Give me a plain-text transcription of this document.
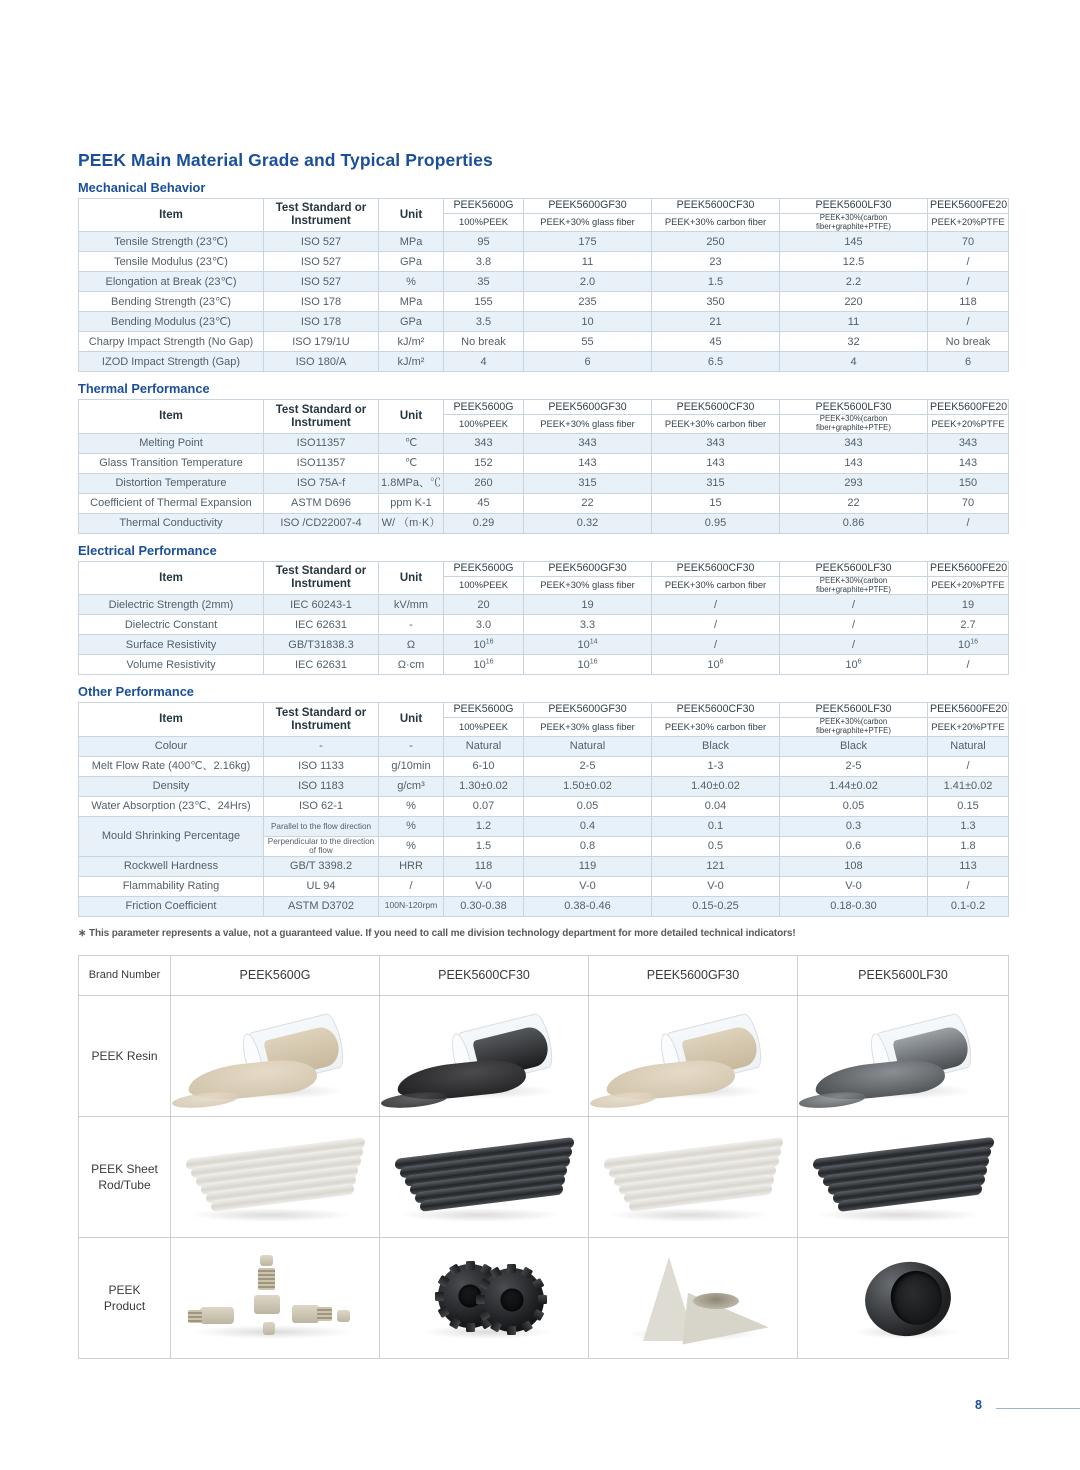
PEEK Main Material Grade and Typical Properties
Mechanical Behavior
Item	Test Standard or Instrument	Unit	PEEK5600G	PEEK5600GF30	PEEK5600CF30	PEEK5600LF30	PEEK5600FE20
			100%PEEK	PEEK+30% glass fiber	PEEK+30% carbon fiber	PEEK+30%(carbon fiber+graphite+PTFE)	PEEK+20%PTFE
Tensile Strength (23℃)	ISO 527	MPa	95	175	250	145	70
Tensile Modulus (23℃)	ISO 527	GPa	3.8	11	23	12.5	/
Elongation at Break (23℃)	ISO 527	%	35	2.0	1.5	2.2	/
Bending Strength (23℃)	ISO 178	MPa	155	235	350	220	118
Bending Modulus (23℃)	ISO 178	GPa	3.5	10	21	11	/
Charpy Impact Strength (No Gap)	ISO 179/1U	kJ/m²	No break	55	45	32	No break
IZOD Impact Strength (Gap)	ISO 180/A	kJ/m²	4	6	6.5	4	6
Thermal Performance
Item	Test Standard or Instrument	Unit	PEEK5600G	PEEK5600GF30	PEEK5600CF30	PEEK5600LF30	PEEK5600FE20
			100%PEEK	PEEK+30% glass fiber	PEEK+30% carbon fiber	PEEK+30%(carbon fiber+graphite+PTFE)	PEEK+20%PTFE
Melting Point	ISO11357	℃	343	343	343	343	343
Glass Transition Temperature	ISO11357	℃	152	143	143	143	143
Distortion Temperature	ISO 75A-f	1.8MPa、℃	260	315	315	293	150
Coefficient of Thermal Expansion	ASTM D696	ppm K-1	45	22	15	22	70
Thermal Conductivity	ISO /CD22007-4	W/ （m·K）	0.29	0.32	0.95	0.86	/
Electrical Performance
Item	Test Standard or Instrument	Unit	PEEK5600G	PEEK5600GF30	PEEK5600CF30	PEEK5600LF30	PEEK5600FE20
			100%PEEK	PEEK+30% glass fiber	PEEK+30% carbon fiber	PEEK+30%(carbon fiber+graphite+PTFE)	PEEK+20%PTFE
Dielectric Strength (2mm)	IEC 60243-1	kV/mm	20	19	/	/	19
Dielectric Constant	IEC 62631	-	3.0	3.3	/	/	2.7
Surface Resistivity	GB/T31838.3	Ω	$10^{16}$	$10^{14}$	/	/	$10^{16}$
Volume Resistivity	IEC 62631	Ω·cm	$10^{16}$	$10^{16}$	$10^6$	$10^6$	/
Other Performance
Item	Test Standard or Instrument	Unit	PEEK5600G	PEEK5600GF30	PEEK5600CF30	PEEK5600LF30	PEEK5600FE20
			100%PEEK	PEEK+30% glass fiber	PEEK+30% carbon fiber	PEEK+30%(carbon fiber+graphite+PTFE)	PEEK+20%PTFE
Colour	-	-	Natural	Natural	Black	Black	Natural
Melt Flow Rate (400℃、2.16kg)	ISO 1133	g/10min	6-10	2-5	1-3	2-5	/
Density	ISO 1183	g/cm³	1.30±0.02	1.50±0.02	1.40±0.02	1.44±0.02	1.41±0.02
Water Absorption (23℃、24Hrs)	ISO 62-1	%	0.07	0.05	0.04	0.05	0.15
Mould Shrinking Percentage	Parallel to the flow direction	%	1.2	0.4	0.1	0.3	1.3
	Perpendicular to the direction of flow	%	1.5	0.8	0.5	0.6	1.8
Rockwell Hardness	GB/T 3398.2	HRR	118	119	121	108	113
Flammability Rating	UL 94	/	V-0	V-0	V-0	V-0	/
Friction Coefficient	ASTM D3702	100N-120rpm	0.30-0.38	0.38-0.46	0.15-0.25	0.18-0.30	0.1-0.2
∗ This parameter represents a value, not a guaranteed value. If you need to call me division technology department for more detailed technical indicators!
Brand Number	PEEK5600G	PEEK5600CF30	PEEK5600GF30	PEEK5600LF30
PEEK Resin	

PEEK Sheet
Rod/Tube	

PEEK
Product	

8
